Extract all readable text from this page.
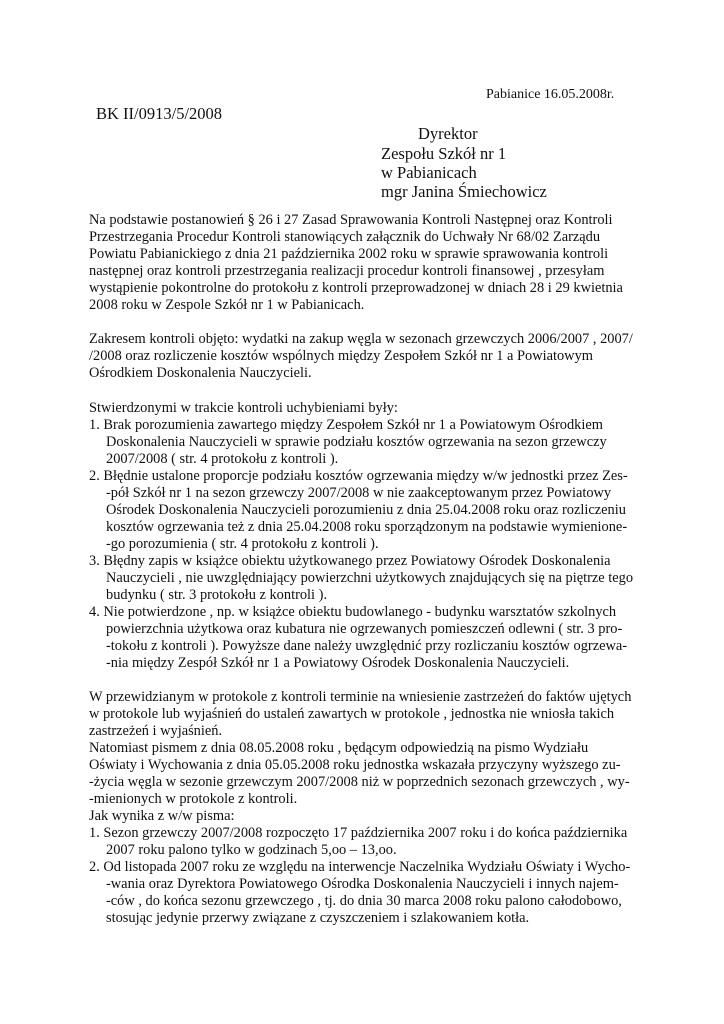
Pabianice 16.05.2008r.
BK II/0913/5/2008
Dyrektor
Zespołu Szkół nr 1
w Pabianicach
mgr Janina Śmiechowicz
Na podstawie postanowień § 26 i 27 Zasad Sprawowania Kontroli Następnej oraz Kontroli
Przestrzegania Procedur Kontroli stanowiących załącznik do Uchwały Nr 68/02 Zarządu
Powiatu Pabianickiego z dnia 21 października 2002 roku w sprawie sprawowania kontroli
następnej oraz kontroli przestrzegania realizacji procedur kontroli finansowej , przesyłam
wystąpienie pokontrolne do protokołu z kontroli przeprowadzonej w dniach 28 i 29 kwietnia
2008 roku w Zespole Szkół nr 1 w Pabianicach.
Zakresem kontroli objęto: wydatki na zakup węgla w sezonach grzewczych 2006/2007 , 2007/
/2008 oraz rozliczenie kosztów wspólnych między Zespołem Szkół nr 1 a Powiatowym
Ośrodkiem Doskonalenia Nauczycieli.
Stwierdzonymi w trakcie kontroli uchybieniami były:
1. Brak porozumienia zawartego między Zespołem Szkół nr 1 a Powiatowym Ośrodkiem
Doskonalenia Nauczycieli w sprawie podziału kosztów ogrzewania na sezon grzewczy
2007/2008 ( str. 4 protokołu z kontroli ).
2. Błędnie ustalone proporcje podziału kosztów ogrzewania między w/w jednostki przez Zes-
-pół Szkół nr 1 na sezon grzewczy 2007/2008 w nie zaakceptowanym przez Powiatowy
Ośrodek Doskonalenia Nauczycieli porozumieniu z dnia 25.04.2008 roku oraz rozliczeniu
kosztów ogrzewania też z dnia 25.04.2008 roku sporządzonym na podstawie wymienione-
-go porozumienia ( str. 4 protokołu z kontroli ).
3. Błędny zapis w książce obiektu użytkowanego przez Powiatowy Ośrodek Doskonalenia
Nauczycieli , nie uwzględniający powierzchni użytkowych znajdujących się na piętrze tego
budynku ( str. 3 protokołu z kontroli ).
4. Nie potwierdzone , np. w książce obiektu budowlanego - budynku warsztatów szkolnych
powierzchnia użytkowa oraz kubatura nie ogrzewanych pomieszczeń odlewni ( str. 3 pro-
-tokołu z kontroli ). Powyższe dane należy uwzględnić przy rozliczaniu kosztów ogrzewa-
-nia między Zespół Szkół nr 1 a Powiatowy Ośrodek Doskonalenia Nauczycieli.
W przewidzianym w protokole z kontroli terminie na wniesienie zastrzeżeń do faktów ujętych
w protokole lub wyjaśnień do ustaleń zawartych w protokole , jednostka nie wniosła takich
zastrzeżeń i wyjaśnień.
Natomiast pismem z dnia 08.05.2008 roku , będącym odpowiedzią na pismo Wydziału
Oświaty i Wychowania z dnia 05.05.2008 roku jednostka wskazała przyczyny wyższego zu-
-życia węgla w sezonie grzewczym 2007/2008 niż w poprzednich sezonach grzewczych , wy-
-mienionych w protokole z kontroli.
Jak wynika z w/w pisma:
1. Sezon grzewczy 2007/2008 rozpoczęto 17 października 2007 roku i do końca października
2007 roku palono tylko w godzinach 5,oo – 13,oo.
2. Od listopada 2007 roku ze względu na interwencje Naczelnika Wydziału Oświaty i Wycho-
-wania oraz Dyrektora Powiatowego Ośrodka Doskonalenia Nauczycieli i innych najem-
-ców , do końca sezonu grzewczego , tj. do dnia 30 marca 2008 roku palono całodobowo,
stosując jedynie przerwy związane z czyszczeniem i szlakowaniem kotła.
